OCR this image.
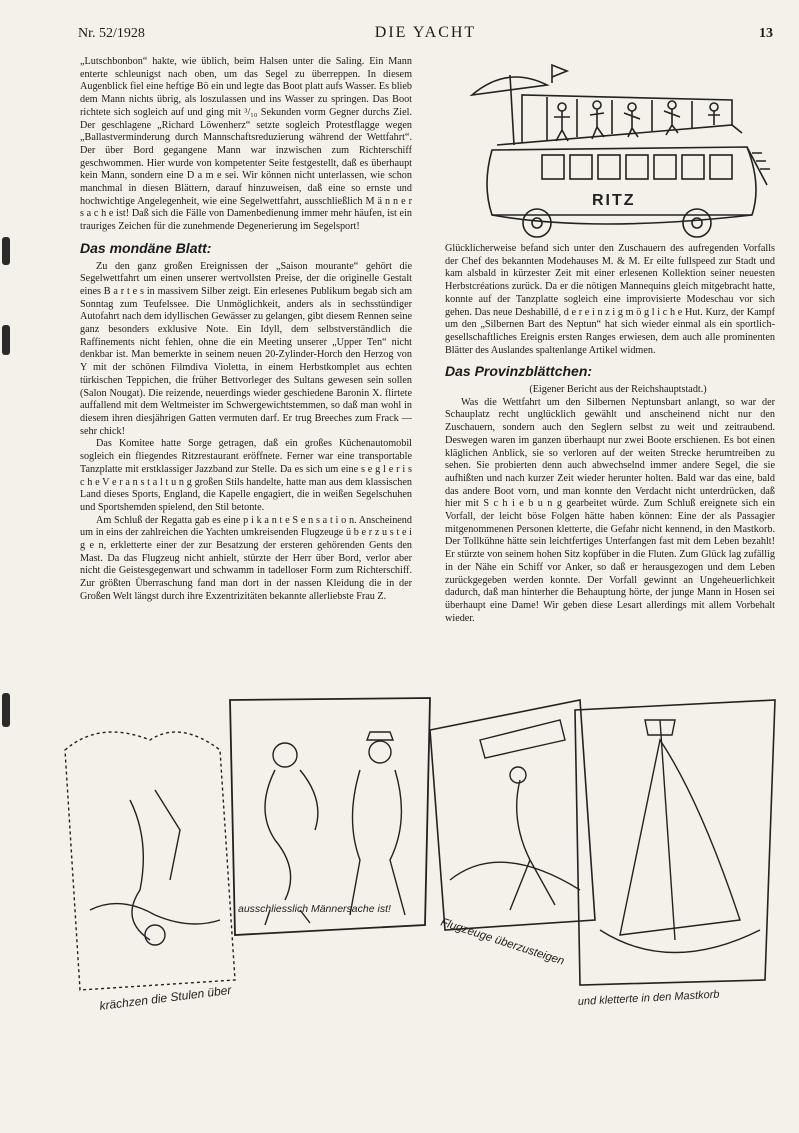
Nr. 52/1928	DIE YACHT	13

„Lutschbonbon“ hakte, wie üblich, beim Halsen unter die Saling. Ein Mann enterte schleunigst nach oben, um das Segel zu überreppen. In diesem Augenblick fiel eine heftige Bö ein und legte das Boot platt aufs Wasser. Es blieb dem Mann nichts übrig, als loszulassen und ins Wasser zu springen. Das Boot richtete sich sogleich auf und ging mit ³/₁₀ Sekunden vorm Gegner durchs Ziel. Der geschlagene „Richard Löwenherz“ setzte sogleich Protestflagge wegen „Ballastverminderung durch Mannschaftsreduzierung während der Wettfahrt“. Der über Bord gegangene Mann war inzwischen zum Richterschiff geschwommen. Hier wurde von kompetenter Seite festgestellt, daß es überhaupt kein Mann, sondern eine D a m e sei. Wir können nicht unterlassen, wie schon manchmal in diesen Blättern, darauf hinzuweisen, daß eine so ernste und hochwichtige Angelegenheit, wie eine Segelwettfahrt, ausschließlich M ä n n e r s a c h e ist! Daß sich die Fälle von Damenbedienung immer mehr häufen, ist ein trauriges Zeichen für die zunehmende Degenerierung im Segelsport!

Das mondäne Blatt:

Zu den ganz großen Ereignissen der „Saison mourante“ gehört die Segelwettfahrt um einen unserer wertvollsten Preise, der die originelle Gestalt eines B a r t e s in massivem Silber zeigt. Ein erlesenes Publikum begab sich am Sonntag zum Teufelssee. Die Unmöglichkeit, anders als in sechsstündiger Autofahrt nach dem idyllischen Gewässer zu gelangen, gibt diesem Rennen seine ganz besonders exklusive Note. Ein Idyll, dem selbstverständlich die Raffinements nicht fehlen, ohne die ein Meeting unserer „Upper Ten“ nicht denkbar ist. Man bemerkte in seinem neuen 20-Zylinder-Horch den Herzog von Y mit der schönen Filmdiva Violetta, in einem Herbstkomplet aus echten türkischen Teppichen, die früher Bettvorleger des Sultans gewesen sein sollen (Salon Nougat). Die reizende, neuerdings wieder geschiedene Baronin X. flirtete auffallend mit dem Weltmeister im Schwergewichtstemmen, so daß man wohl in diesem ihren diesjährigen Gatten vermuten darf. Er trug Breeches zum Frack — sehr chick!

Das Komitee hatte Sorge getragen, daß ein großes Küchenautomobil sogleich ein fliegendes Ritzrestaurant eröffnete. Ferner war eine transportable Tanzplatte mit erstklassiger Jazzband zur Stelle. Da es sich um eine s e g l e r i s c h e V e r a n s t a l t u n g großen Stils handelte, hatte man aus dem klassischen Land dieses Sports, England, die Kapelle engagiert, die in weißen Segelschuhen und Sportshemden spielend, den Stil betonte.

Am Schluß der Regatta gab es eine p i k a n t e S e n s a t i o n. Anscheinend um in eins der zahlreichen die Yachten umkreisenden Flugzeuge ü b e r z u s t e i g e n, erkletterte einer der zur Besatzung der ersteren gehörenden Gents den Mast. Da das Flugzeug nicht anhielt, stürzte der Herr über Bord, verlor aber nicht die Geistesgegenwart und schwamm in tadelloser Form zum Richterschiff. Zur größten Überraschung fand man dort in der nassen Kleidung die in der Großen Welt längst durch ihre Exzentrizitäten bekannte allerliebste Frau Z.

RITZ

Glücklicherweise befand sich unter den Zuschauern des aufregenden Vorfalls der Chef des bekannten Modehauses M. & M. Er eilte fullspeed zur Stadt und kam alsbald in kürzester Zeit mit einer erlesenen Kollektion seiner neuesten Herbstcréations zurück. Da er die nötigen Mannequins gleich mitgebracht hatte, konnte auf der Tanzplatte sogleich eine improvisierte Modeschau vor sich gehen. Das neue Deshabillé, d e r e i n z i g m ö g l i c h e Hut. Kurz, der Kampf um den „Silbernen Bart des Neptun“ hat sich wieder einmal als ein sportlich-gesellschaftliches Ereignis ersten Ranges erwiesen, dem auch alle prominenten Blätter des Auslandes spaltenlange Artikel widmen.

Das Provinzblättchen:

(Eigener Bericht aus der Reichshauptstadt.)

Was die Wettfahrt um den Silbernen Neptunsbart anlangt, so war der Schauplatz recht unglücklich gewählt und anscheinend nicht nur den Zuschauern, sondern auch den Seglern selbst zu weit und zeitraubend. Deswegen waren im ganzen überhaupt nur zwei Boote erschienen. Es bot einen kläglichen Anblick, sie so verloren auf der weiten Strecke herumtreiben zu sehen. Sie probierten denn auch abwechselnd immer andere Segel, die sie aufhißten und nach kurzer Zeit wieder herunter holten. Bald war das eine, bald das andere Boot vorn, und man konnte den Verdacht nicht unterdrücken, daß hier mit S c h i e b u n g gearbeitet würde. Zum Schluß ereignete sich ein Vorfall, der leicht böse Folgen hätte haben können: Eine der als Passagier mitgenommenen Personen kletterte, die Gefahr nicht kennend, in den Mastkorb. Der Tollkühne hätte sein leichtfertiges Unterfangen fast mit dem Leben bezahlt! Er stürzte von seinem hohen Sitz kopfüber in die Fluten. Zum Glück lag zufällig in der Nähe ein Schiff vor Anker, so daß er herausgezogen und dem Leben zurückgegeben werden konnte. Der Vorfall gewinnt an Ungeheuerlichkeit dadurch, daß man hinterher die Behauptung hörte, der junge Mann in Hosen sei überhaupt eine Dame! Wir geben diese Lesart allerdings mit allem Vorbehalt wieder.

ausschliesslich Männersache ist!
krächzen die Stulen über
Flugzeuge überzusteigen
und kletterte in den Mastkorb
